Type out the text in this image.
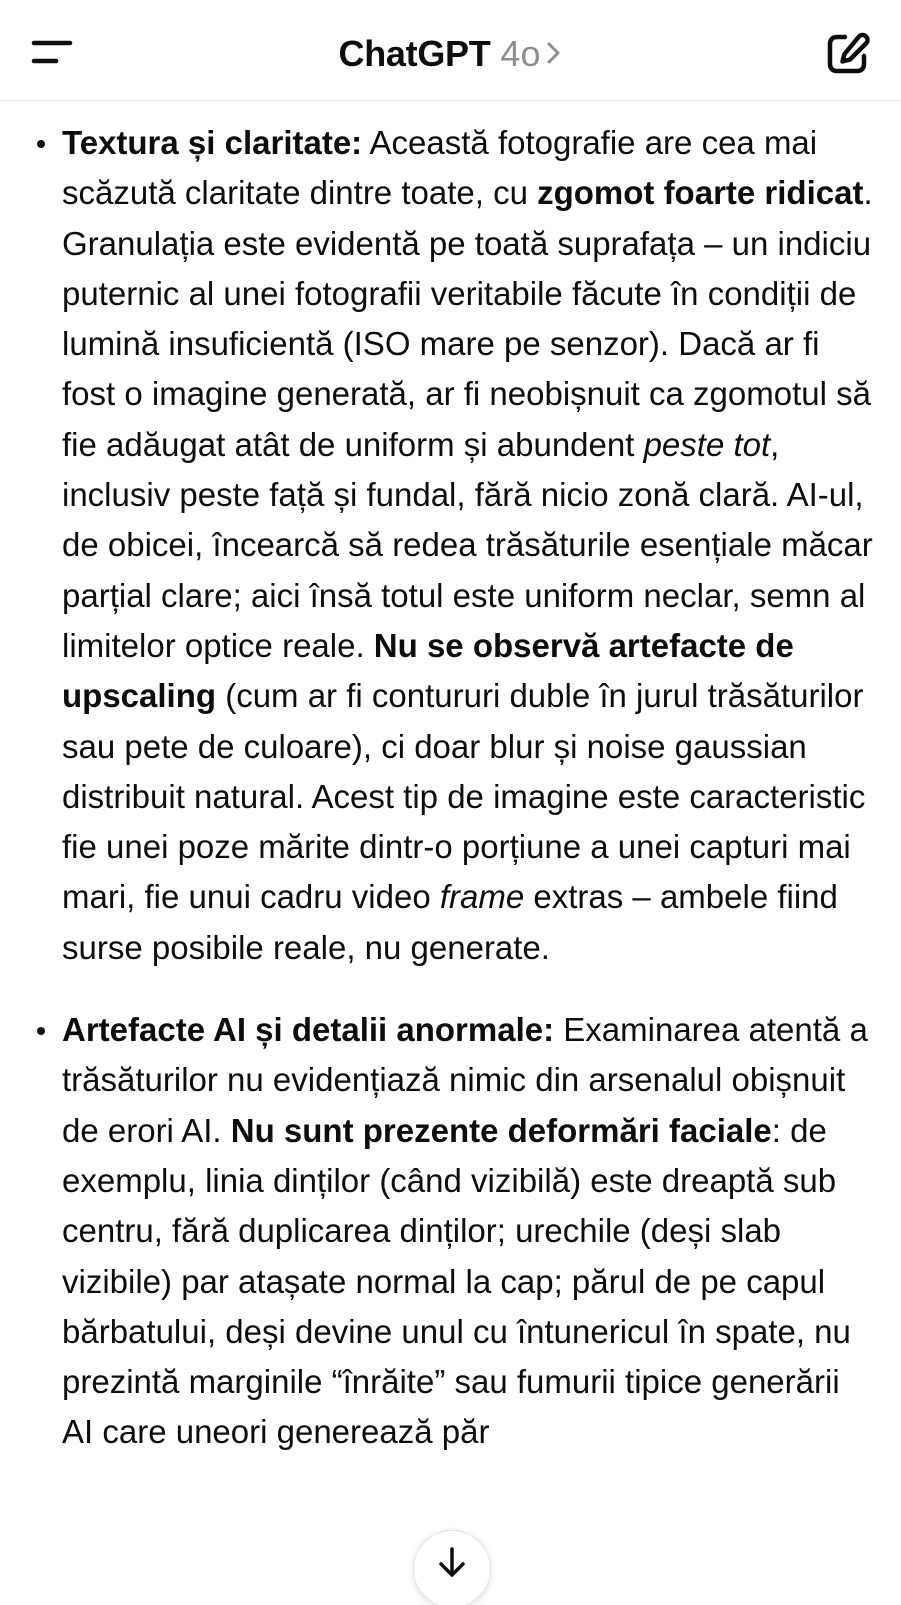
ChatGPT 4o
Textura și claritate: Această fotografie are cea mai scăzută claritate dintre toate, cu zgomot foarte ridicat. Granulația este evidentă pe toată suprafața – un indiciu puternic al unei fotografii veritabile făcute în condiții de lumină insuficientă (ISO mare pe senzor). Dacă ar fi fost o imagine generată, ar fi neobișnuit ca zgomotul să fie adăugat atât de uniform și abundent peste tot, inclusiv peste față și fundal, fără nicio zonă clară. AI-ul, de obicei, încearcă să redea trăsăturile esențiale măcar parțial clare; aici însă totul este uniform neclar, semn al limitelor optice reale. Nu se observă artefacte de upscaling (cum ar fi contururi duble în jurul trăsăturilor sau pete de culoare), ci doar blur și noise gaussian distribuit natural. Acest tip de imagine este caracteristic fie unei poze mărite dintr-o porțiune a unei capturi mai mari, fie unui cadru video frame extras – ambele fiind surse posibile reale, nu generate.
Artefacte AI și detalii anormale: Examinarea atentă a trăsăturilor nu evidențiază nimic din arsenalul obișnuit de erori AI. Nu sunt prezente deformări faciale: de exemplu, linia dinților (când vizibilă) este dreaptă sub centru, fără duplicarea dinților; urechile (deși slab vizibile) par atașate normal la cap; părul de pe capul bărbatului, deși devine unul cu întunericul în spate, nu prezintă marginile “înrăite” sau fumurii tipice generării AI care uneori generează păr
